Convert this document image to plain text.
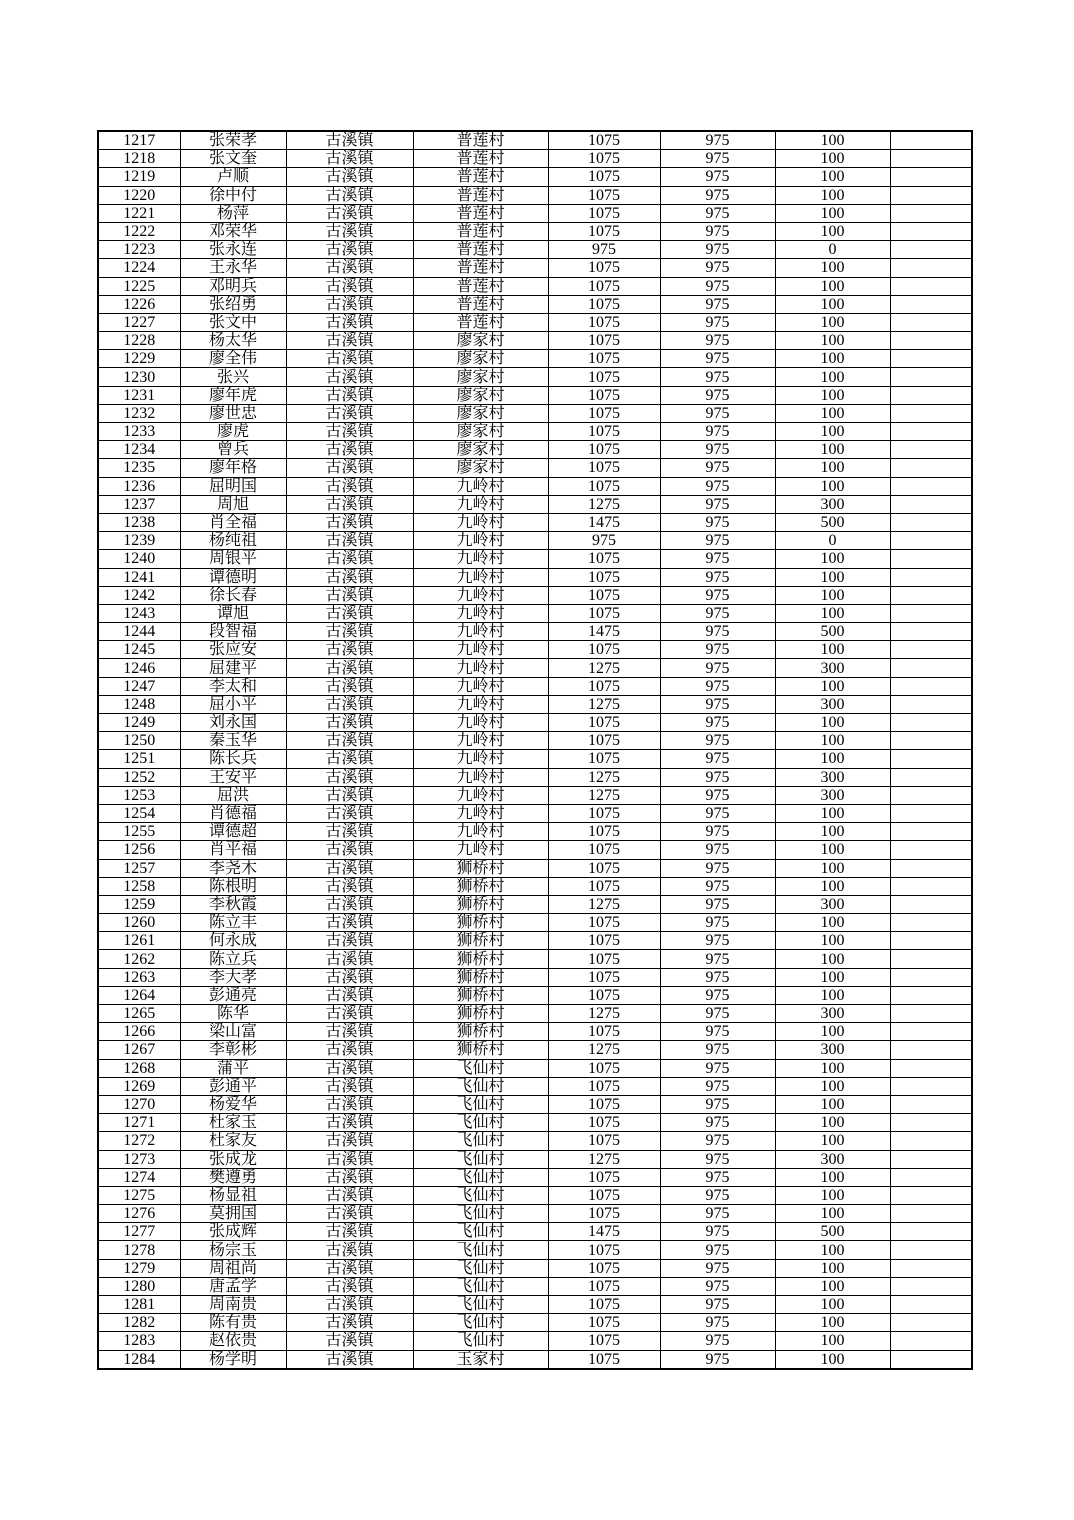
1217	张荣孝	古溪镇	普莲村	1075	975	100	
1218	张文奎	古溪镇	普莲村	1075	975	100	
1219	卢顺	古溪镇	普莲村	1075	975	100	
1220	徐中付	古溪镇	普莲村	1075	975	100	
1221	杨萍	古溪镇	普莲村	1075	975	100	
1222	邓荣华	古溪镇	普莲村	1075	975	100	
1223	张永连	古溪镇	普莲村	975	975	0	
1224	王永华	古溪镇	普莲村	1075	975	100	
1225	邓明兵	古溪镇	普莲村	1075	975	100	
1226	张绍勇	古溪镇	普莲村	1075	975	100	
1227	张文中	古溪镇	普莲村	1075	975	100	
1228	杨太华	古溪镇	廖家村	1075	975	100	
1229	廖全伟	古溪镇	廖家村	1075	975	100	
1230	张兴	古溪镇	廖家村	1075	975	100	
1231	廖年虎	古溪镇	廖家村	1075	975	100	
1232	廖世忠	古溪镇	廖家村	1075	975	100	
1233	廖虎	古溪镇	廖家村	1075	975	100	
1234	曾兵	古溪镇	廖家村	1075	975	100	
1235	廖年格	古溪镇	廖家村	1075	975	100	
1236	屈明国	古溪镇	九岭村	1075	975	100	
1237	周旭	古溪镇	九岭村	1275	975	300	
1238	肖全福	古溪镇	九岭村	1475	975	500	
1239	杨纯祖	古溪镇	九岭村	975	975	0	
1240	周银平	古溪镇	九岭村	1075	975	100	
1241	谭德明	古溪镇	九岭村	1075	975	100	
1242	徐长春	古溪镇	九岭村	1075	975	100	
1243	谭旭	古溪镇	九岭村	1075	975	100	
1244	段智福	古溪镇	九岭村	1475	975	500	
1245	张应安	古溪镇	九岭村	1075	975	100	
1246	屈建平	古溪镇	九岭村	1275	975	300	
1247	李太和	古溪镇	九岭村	1075	975	100	
1248	屈小平	古溪镇	九岭村	1275	975	300	
1249	刘永国	古溪镇	九岭村	1075	975	100	
1250	秦玉华	古溪镇	九岭村	1075	975	100	
1251	陈长兵	古溪镇	九岭村	1075	975	100	
1252	王安平	古溪镇	九岭村	1275	975	300	
1253	屈洪	古溪镇	九岭村	1275	975	300	
1254	肖德福	古溪镇	九岭村	1075	975	100	
1255	谭德超	古溪镇	九岭村	1075	975	100	
1256	肖平福	古溪镇	九岭村	1075	975	100	
1257	李尧木	古溪镇	狮桥村	1075	975	100	
1258	陈根明	古溪镇	狮桥村	1075	975	100	
1259	李秋霞	古溪镇	狮桥村	1275	975	300	
1260	陈立丰	古溪镇	狮桥村	1075	975	100	
1261	何永成	古溪镇	狮桥村	1075	975	100	
1262	陈立兵	古溪镇	狮桥村	1075	975	100	
1263	李大孝	古溪镇	狮桥村	1075	975	100	
1264	彭通亮	古溪镇	狮桥村	1075	975	100	
1265	陈华	古溪镇	狮桥村	1275	975	300	
1266	梁山富	古溪镇	狮桥村	1075	975	100	
1267	李彰彬	古溪镇	狮桥村	1275	975	300	
1268	蒲平	古溪镇	飞仙村	1075	975	100	
1269	彭通平	古溪镇	飞仙村	1075	975	100	
1270	杨爱华	古溪镇	飞仙村	1075	975	100	
1271	杜家玉	古溪镇	飞仙村	1075	975	100	
1272	杜家友	古溪镇	飞仙村	1075	975	100	
1273	张成龙	古溪镇	飞仙村	1275	975	300	
1274	樊遵勇	古溪镇	飞仙村	1075	975	100	
1275	杨显祖	古溪镇	飞仙村	1075	975	100	
1276	莫拥国	古溪镇	飞仙村	1075	975	100	
1277	张成辉	古溪镇	飞仙村	1475	975	500	
1278	杨宗玉	古溪镇	飞仙村	1075	975	100	
1279	周祖尚	古溪镇	飞仙村	1075	975	100	
1280	唐孟学	古溪镇	飞仙村	1075	975	100	
1281	周南贵	古溪镇	飞仙村	1075	975	100	
1282	陈有贵	古溪镇	飞仙村	1075	975	100	
1283	赵依贵	古溪镇	飞仙村	1075	975	100	
1284	杨学明	古溪镇	玉家村	1075	975	100	
